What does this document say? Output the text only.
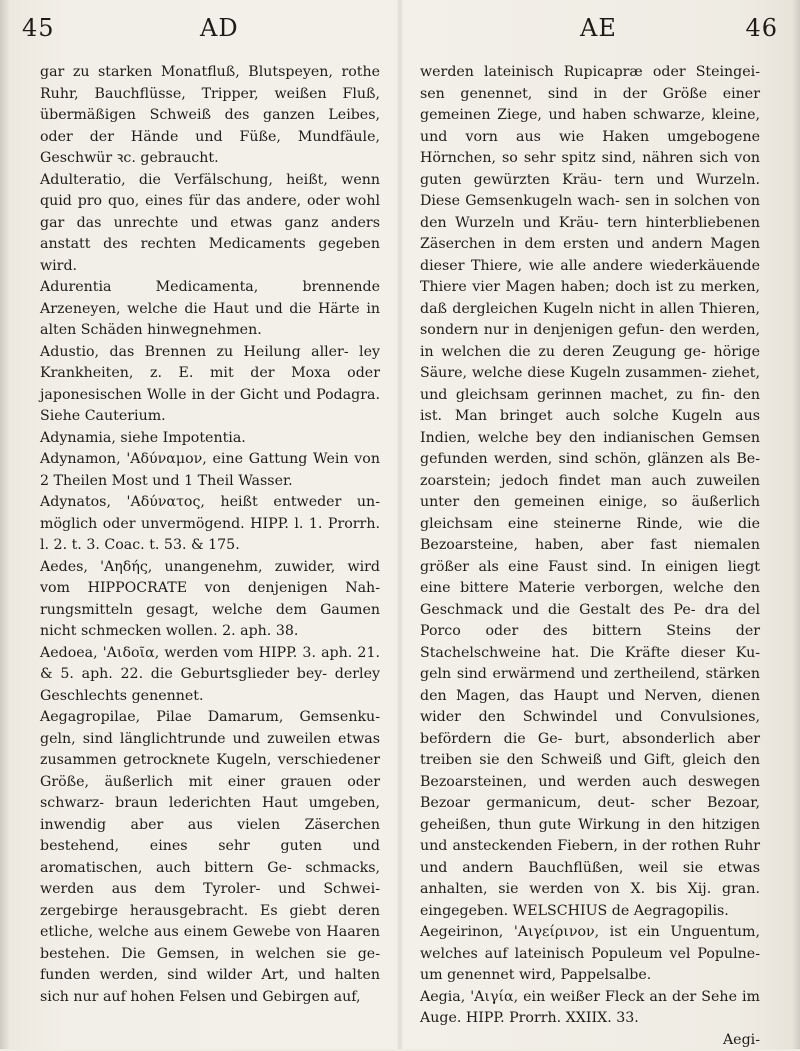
45	AD	AE	46

gar zu starken Monatfluß, Blutspeyen, rothe Ruhr, Bauchflüsse, Tripper, weißen Fluß, übermäßigen Schweiß des ganzen Leibes, oder der Hände und Füße, Mundfäule, Geschwür ꝛc. gebraucht.

Adulteratio, die Verfälschung, heißt, wenn quid pro quo, eines für das andere, oder wohl gar das unrechte und etwas ganz anders anstatt des rechten Medicaments gegeben wird.

Adurentia Medicamenta, brennende Arzeneyen, welche die Haut und die Härte in alten Schäden hinwegnehmen.

Adustio, das Brennen zu Heilung aller- ley Krankheiten, z. E. mit der Moxa oder japonesischen Wolle in der Gicht und Podagra. Siehe Cauterium.

Adynamia, siehe Impotentia.

Adynamon, 'Αδύναμον, eine Gattung Wein von 2 Theilen Most und 1 Theil Wasser.

Adynatos, 'Αδύνατος, heißt entweder un- möglich oder unvermögend. HIPP. l. 1. Prorrh. l. 2. t. 3. Coac. t. 53. & 175.

Aedes, 'Αηδής, unangenehm, zuwider, wird vom HIPPOCRATE von denjenigen Nah- rungsmitteln gesagt, welche dem Gaumen nicht schmecken wollen. 2. aph. 38.

Aedoea, 'Αιδοῖα, werden vom HIPP. 3. aph. 21. & 5. aph. 22. die Geburtsglieder bey- derley Geschlechts genennet.

Aegagropilae, Pilae Damarum, Gemsenku- geln, sind länglichtrunde und zuweilen etwas zusammen getrocknete Kugeln, verschiedener Größe, äußerlich mit einer grauen oder schwarz- braun lederichten Haut umgeben, inwendig aber aus vielen Zäserchen bestehend, eines sehr guten und aromatischen, auch bittern Ge- schmacks, werden aus dem Tyroler- und Schwei- zergebirge herausgebracht. Es giebt deren etliche, welche aus einem Gewebe von Haaren bestehen. Die Gemsen, in welchen sie ge- funden werden, sind wilder Art, und halten sich nur auf hohen Felsen und Gebirgen auf,

werden lateinisch Rupicapræ oder Steingei- sen genennet, sind in der Größe einer gemeinen Ziege, und haben schwarze, kleine, und vorn aus wie Haken umgebogene Hörnchen, so sehr spitz sind, nähren sich von guten gewürzten Kräu- tern und Wurzeln. Diese Gemsenkugeln wach- sen in solchen von den Wurzeln und Kräu- tern hinterbliebenen Zäserchen in dem ersten und andern Magen dieser Thiere, wie alle andere wiederkäuende Thiere vier Magen haben; doch ist zu merken, daß dergleichen Kugeln nicht in allen Thieren, sondern nur in denjenigen gefun- den werden, in welchen die zu deren Zeugung ge- hörige Säure, welche diese Kugeln zusammen- ziehet, und gleichsam gerinnen machet, zu fin- den ist. Man bringet auch solche Kugeln aus Indien, welche bey den indianischen Gemsen gefunden werden, sind schön, glänzen als Be- zoarstein; jedoch findet man auch zuweilen unter den gemeinen einige, so äußerlich gleichsam eine steinerne Rinde, wie die Bezoarsteine, haben, aber fast niemalen größer als eine Faust sind. In einigen liegt eine bittere Materie verborgen, welche den Geschmack und die Gestalt des Pe- dra del Porco oder des bittern Steins der Stachelschweine hat. Die Kräfte dieser Ku- geln sind erwärmend und zertheilend, stärken den Magen, das Haupt und Nerven, dienen wider den Schwindel und Convulsiones, befördern die Ge- burt, absonderlich aber treiben sie den Schweiß und Gift, gleich den Bezoarsteinen, und werden auch deswegen Bezoar germanicum, deut- scher Bezoar, geheißen, thun gute Wirkung in den hitzigen und ansteckenden Fiebern, in der rothen Ruhr und andern Bauchflüßen, weil sie etwas anhalten, sie werden von X. bis Xij. gran. eingegeben. WELSCHIUS de Aegragopilis.

Aegeirinon, 'Αιγείρινον, ist ein Unguentum, welches auf lateinisch Populeum vel Populne- um genennet wird, Pappelsalbe.

Aegia, 'Αιγία, ein weißer Fleck an der Sehe im Auge. HIPP. Prorrh. XXIIX. 33.

Aegi-
